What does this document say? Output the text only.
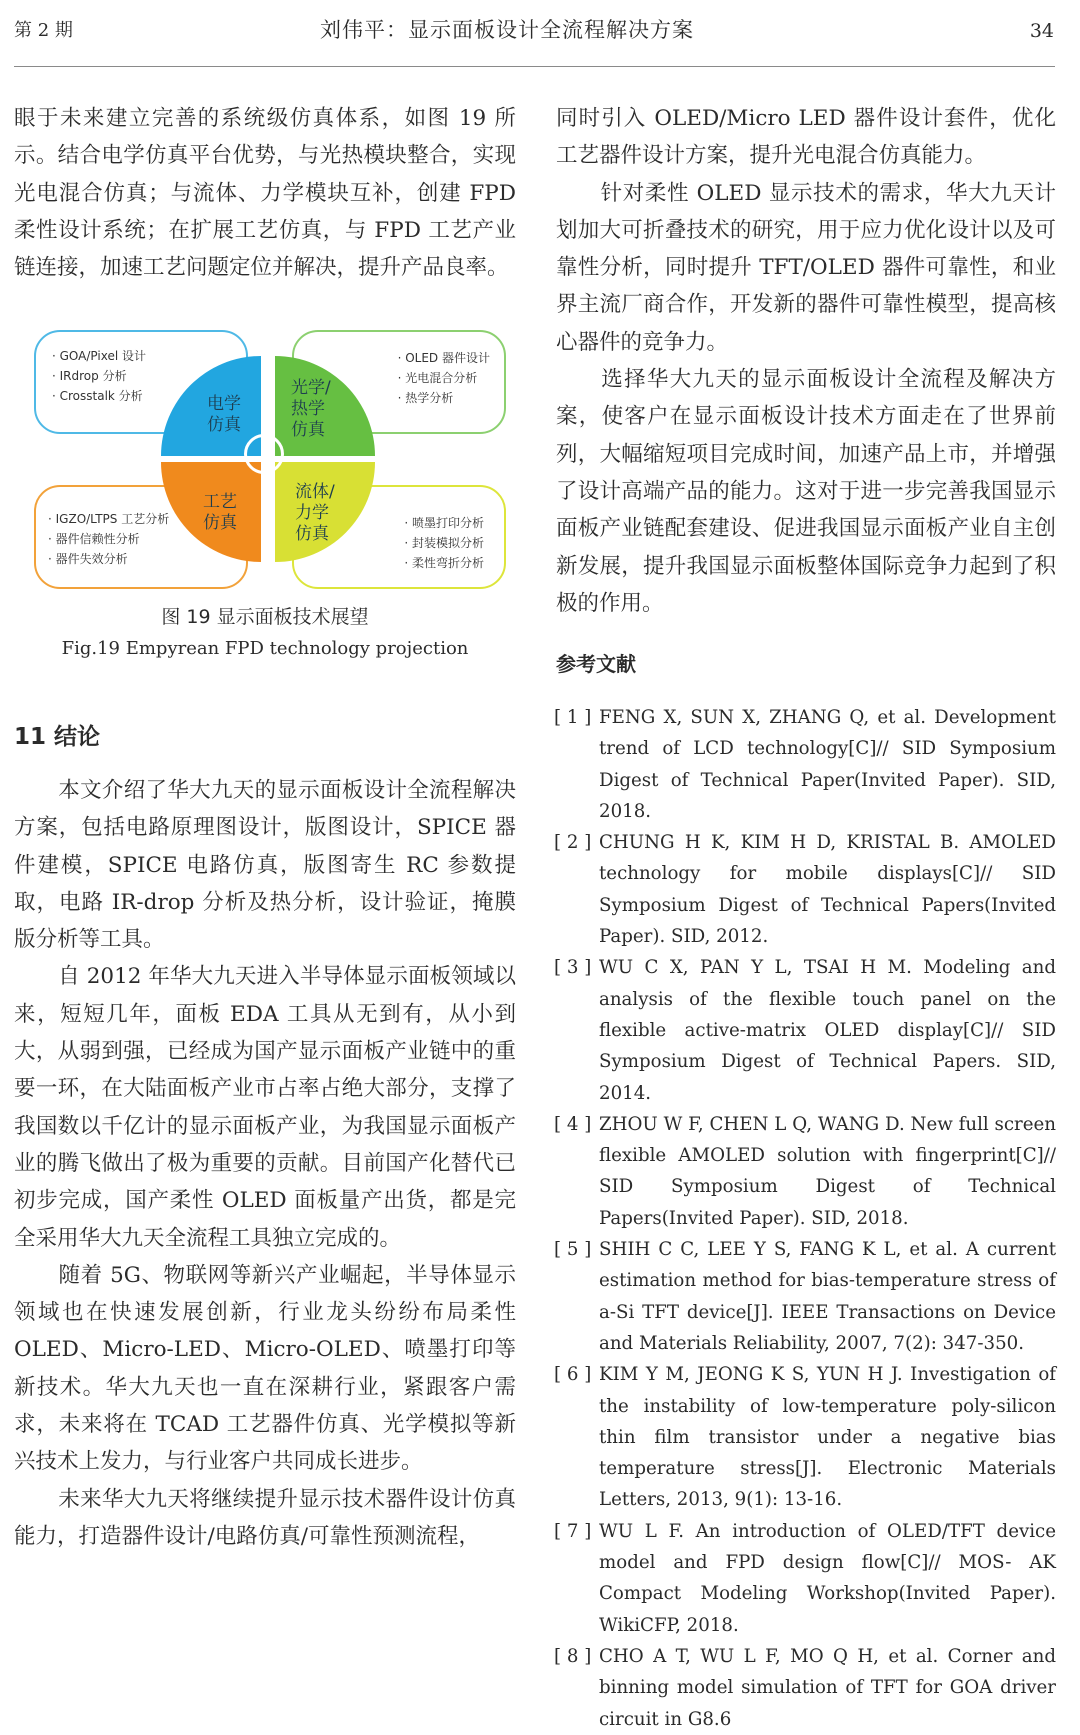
第 2 期	刘伟平：显示面板设计全流程解决方案	34

眼于未来建立完善的系统级仿真体系，如图 19 所示。结合电学仿真平台优势，与光热模块整合，实现光电混合仿真；与流体、力学模块互补，创建 FPD 柔性设计系统；在扩展工艺仿真，与 FPD 工艺产业链连接，加速工艺问题定位并解决，提升产品良率。

· GOA/Pixel 设计
· IRdrop 分析
· Crosstalk 分析
· OLED 器件设计
· 光电混合分析
· 热学分析
· IGZO/LTPS 工艺分析
· 器件信赖性分析
· 器件失效分析
· 喷墨打印分析
· 封装模拟分析
· 柔性弯折分析
电学
仿真
光学/
热学
仿真
工艺
仿真
流体/
力学
仿真
图 19 显示面板技术展望
Fig.19 Empyrean FPD technology projection
11 结论

本文介绍了华大九天的显示面板设计全流程解决方案，包括电路原理图设计，版图设计，SPICE 器件建模，SPICE 电路仿真，版图寄生 RC 参数提取，电路 IR-drop 分析及热分析，设计验证，掩膜版分析等工具。

自 2012 年华大九天进入半导体显示面板领域以来，短短几年，面板 EDA 工具从无到有，从小到大，从弱到强，已经成为国产显示面板产业链中的重要一环，在大陆面板产业市占率占绝大部分，支撑了我国数以千亿计的显示面板产业，为我国显示面板产业的腾飞做出了极为重要的贡献。目前国产化替代已初步完成，国产柔性 OLED 面板量产出货，都是完全采用华大九天全流程工具独立完成的。

随着 5G、物联网等新兴产业崛起，半导体显示领域也在快速发展创新，行业龙头纷纷布局柔性 OLED、Micro-LED、Micro-OLED、喷墨打印等新技术。华大九天也一直在深耕行业，紧跟客户需求，未来将在 TCAD 工艺器件仿真、光学模拟等新兴技术上发力，与行业客户共同成长进步。

未来华大九天将继续提升显示技术器件设计仿真能力，打造器件设计/电路仿真/可靠性预测流程，

同时引入 OLED/Micro LED 器件设计套件，优化工艺器件设计方案，提升光电混合仿真能力。

针对柔性 OLED 显示技术的需求，华大九天计划加大可折叠技术的研究，用于应力优化设计以及可靠性分析，同时提升 TFT/OLED 器件可靠性，和业界主流厂商合作，开发新的器件可靠性模型，提高核心器件的竞争力。

选择华大九天的显示面板设计全流程及解决方案，使客户在显示面板设计技术方面走在了世界前列，大幅缩短项目完成时间，加速产品上市，并增强了设计高端产品的能力。这对于进一步完善我国显示面板产业链配套建设、促进我国显示面板产业自主创新发展，提升我国显示面板整体国际竞争力起到了积极的作用。

参考文献
[ 1 ] FENG X, SUN X, ZHANG Q, et al. Development trend of LCD technology[C]// SID Symposium Digest of Technical Paper(Invited Paper). SID, 2018.
[ 2 ] CHUNG H K, KIM H D, KRISTAL B. AMOLED technology for mobile displays[C]// SID Symposium Digest of Technical Papers(Invited Paper). SID, 2012.
[ 3 ] WU C X, PAN Y L, TSAI H M. Modeling and analysis of the flexible touch panel on the flexible active-matrix OLED display[C]// SID Symposium Digest of Technical Papers. SID, 2014.
[ 4 ] ZHOU W F, CHEN L Q, WANG D. New full screen flexible AMOLED solution with fingerprint[C]// SID Symposium Digest of Technical Papers(Invited Paper). SID, 2018.
[ 5 ] SHIH C C, LEE Y S, FANG K L, et al. A current estimation method for bias-temperature stress of a-Si TFT device[J]. IEEE Transactions on Device and Materials Reliability, 2007, 7(2): 347-350.
[ 6 ] KIM Y M, JEONG K S, YUN H J. Investigation of the instability of low-temperature poly-silicon thin film transistor under a negative bias temperature stress[J]. Electronic Materials Letters, 2013, 9(1): 13-16.
[ 7 ] WU L F. An introduction of OLED/TFT device model and FPD design flow[C]// MOS- AK Compact Modeling Workshop(Invited Paper). WikiCFP, 2018.
[ 8 ] CHO A T, WU L F, MO Q H, et al. Corner and binning model simulation of TFT for GOA driver circuit in G8.6
